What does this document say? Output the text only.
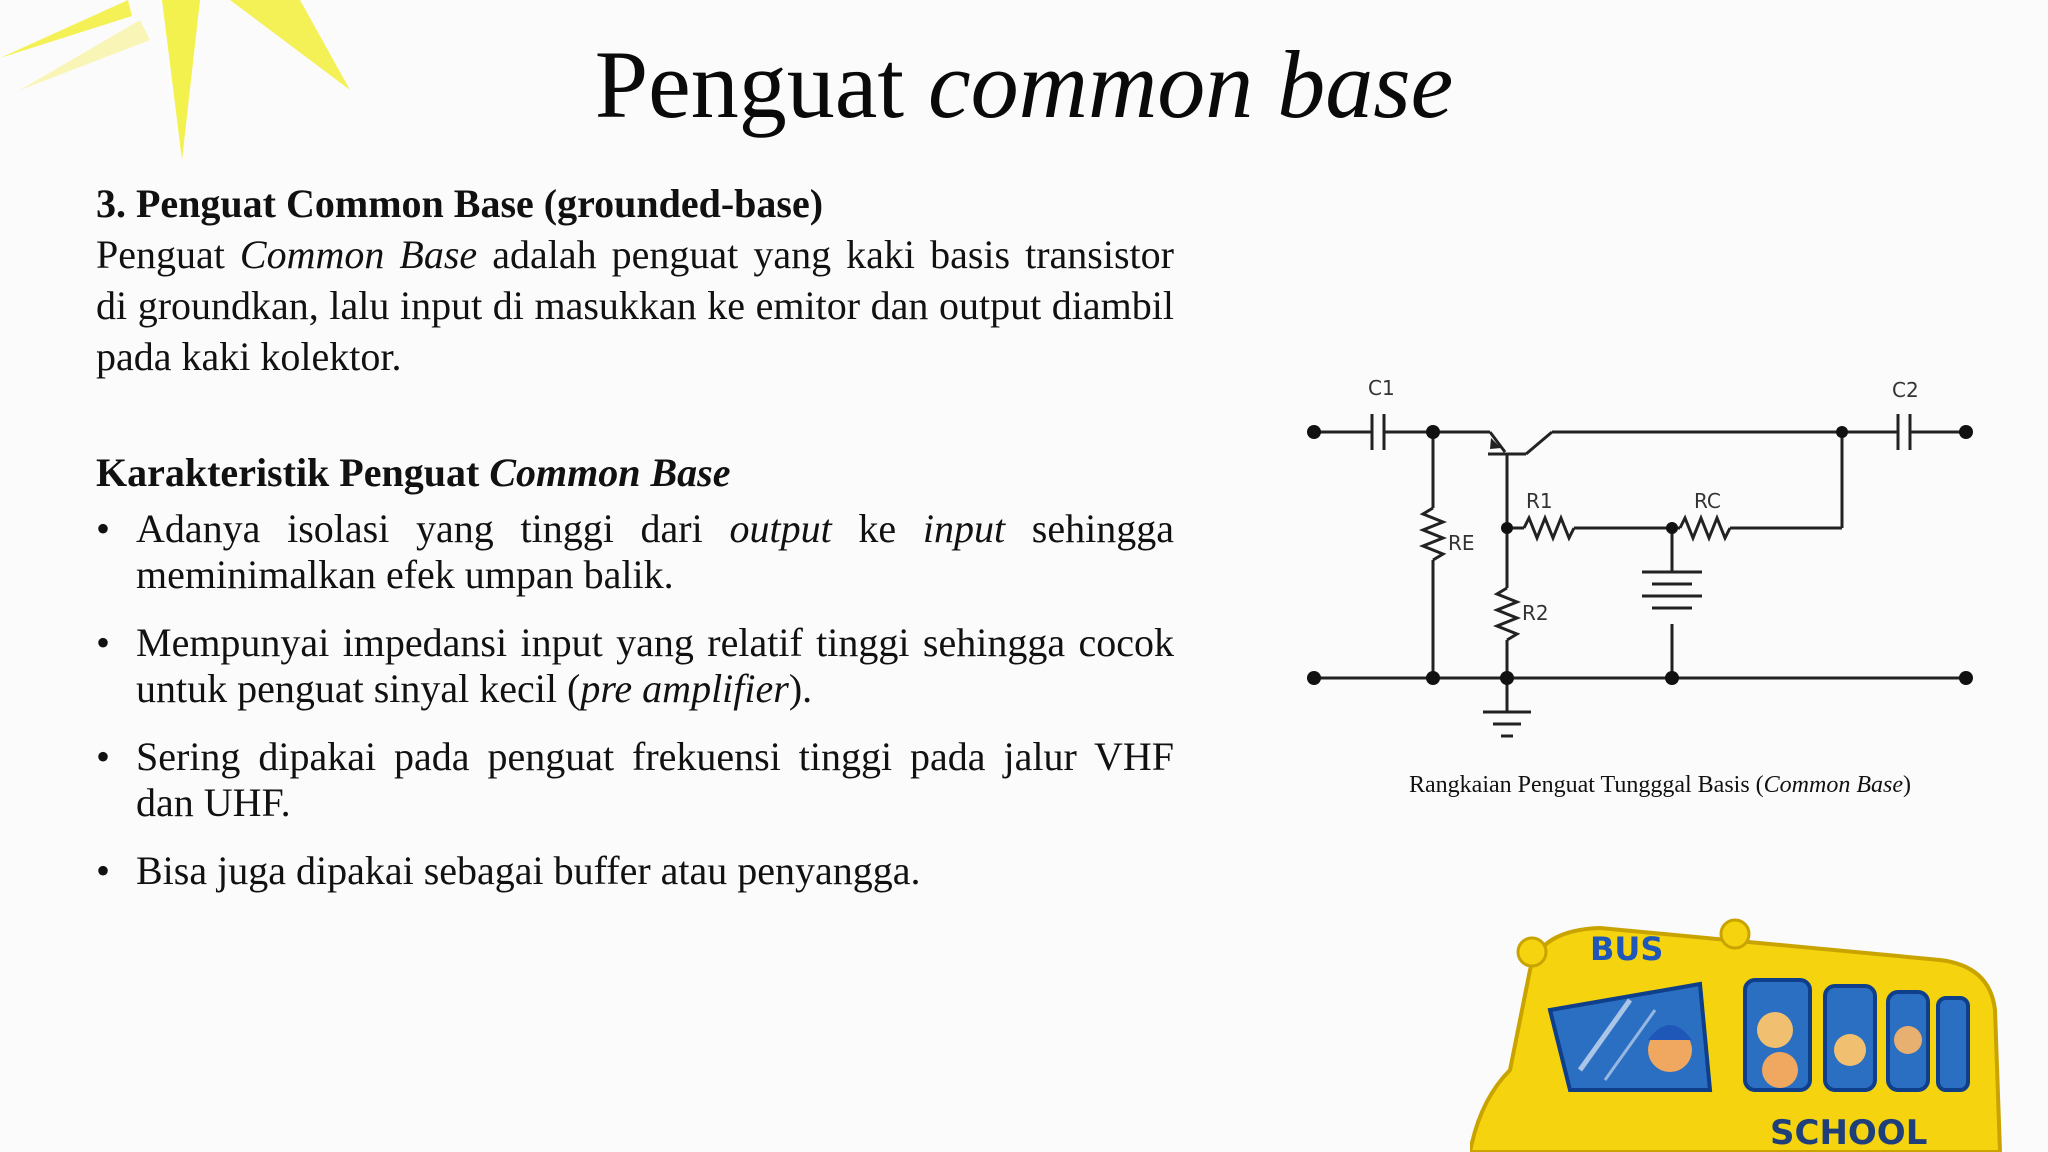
Penguat common base

3. Penguat Common Base (grounded-base)

Penguat Common Base adalah penguat yang kaki basis transistor di groundkan, lalu input di masukkan ke emitor dan output diambil pada kaki kolektor.

Karakteristik Penguat Common Base

• Adanya isolasi yang tinggi dari output ke input sehingga meminimalkan efek umpan balik.
• Mempunyai impedansi input yang relatif tinggi sehingga cocok untuk penguat sinyal kecil (pre amplifier).
• Sering dipakai pada penguat frekuensi tinggi pada jalur VHF dan UHF.
• Bisa juga dipakai sebagai buffer atau penyangga.
C1	C2
RE
R1	RC
R2
Rangkaian Penguat Tungggal Basis (Common Base)
BUS
SCHOOL
